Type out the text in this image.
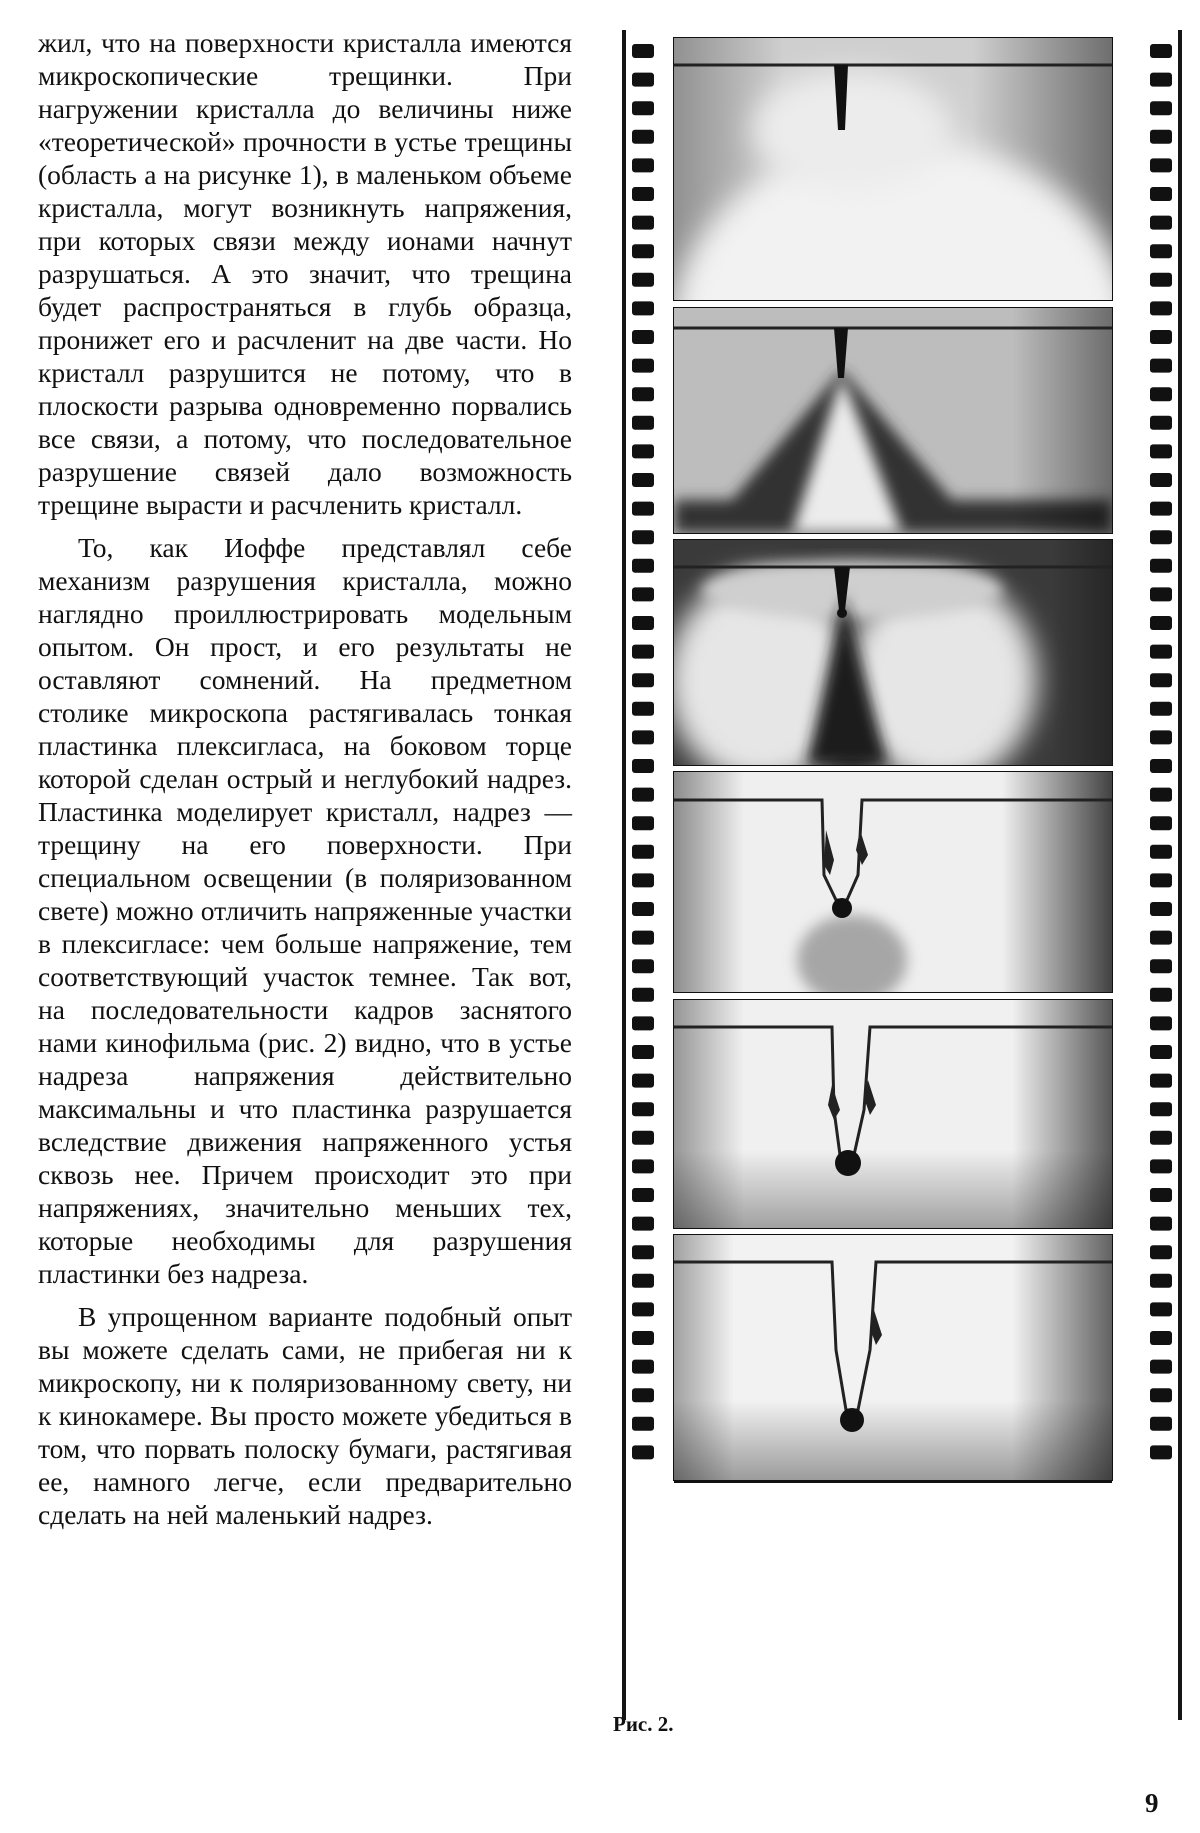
жил, что на поверхности кристалла имеются микроскопические трещинки. При нагружении кристалла до величины ниже «теоретической» прочности в устье трещины (область а на рисунке 1), в маленьком объеме кристалла, могут возникнуть напряжения, при которых связи между ионами начнут разрушаться. А это значит, что трещина будет распространяться в глубь образца, пронижет его и расчленит на две части. Но кристалл разрушится не потому, что в плоскости разрыва одновременно порвались все связи, а потому, что последовательное разрушение связей дало возможность трещине вырасти и расчленить кристалл.

То, как Иоффе представлял себе механизм разрушения кристалла, можно наглядно проиллюстрировать модельным опытом. Он прост, и его результаты не оставляют сомнений. На предметном столике микроскопа растягивалась тонкая пластинка плексигласа, на боковом торце которой сделан острый и неглубокий надрез. Пластинка моделирует кристалл, надрез — трещину на его поверхности. При специальном освещении (в поляризованном свете) можно отличить напряженные участки в плексигласе: чем больше напряжение, тем соответствующий участок темнее. Так вот, на последовательности кадров заснятого нами кинофильма (рис. 2) видно, что в устье надреза напряжения действительно максимальны и что пластинка разрушается вследствие движения напряженного устья сквозь нее. Причем происходит это при напряжениях, значительно меньших тех, которые необходимы для разрушения пластинки без надреза.

В упрощенном варианте подобный опыт вы можете сделать сами, не прибегая ни к микроскопу, ни к поляризованному свету, ни к кинокамере. Вы просто можете убедиться в том, что порвать полоску бумаги, растягивая ее, намного легче, если предварительно сделать на ней маленький надрез.

Рис. 2.
9
